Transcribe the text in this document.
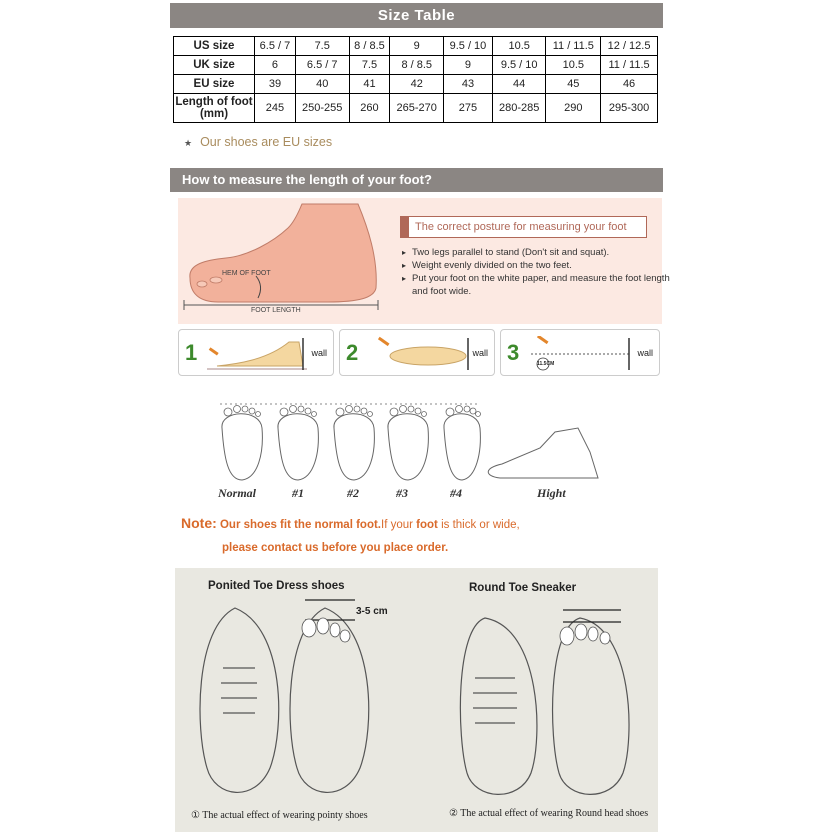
Size Table
US size	6.5 / 7	7.5	8 / 8.5	9	9.5 / 10	10.5	11 / 11.5	12 / 12.5
UK size	6	6.5 / 7	7.5	8 / 8.5	9	9.5 / 10	10.5	11 / 11.5
EU size	39	40	41	42	43	44	45	46
Length of foot
(mm)	245	250-255	260	265-270	275	280-285	290	295-300
★ Our shoes are EU sizes
How to measure the length of your foot?
HEM OF FOOT
FOOT LENGTH
The correct posture for measuring your foot
▸ Two legs parallel to stand (Don't sit and squat).
▸ Weight evenly divided on the two feet.
▸ Put your foot on the white paper, and measure the foot length and foot wide.
1	wall 2	wall 3	11.5CM
wall
Normal	#1	#2	#3	#4	Hight
Note: Our shoes fit the normal foot.If your foot is thick or wide,
please contact us before you place order.
Ponited Toe Dress shoes	Round Toe Sneaker
3-5 cm
① The actual effect of wearing pointy shoes	② The actual effect of wearing Round head shoes
